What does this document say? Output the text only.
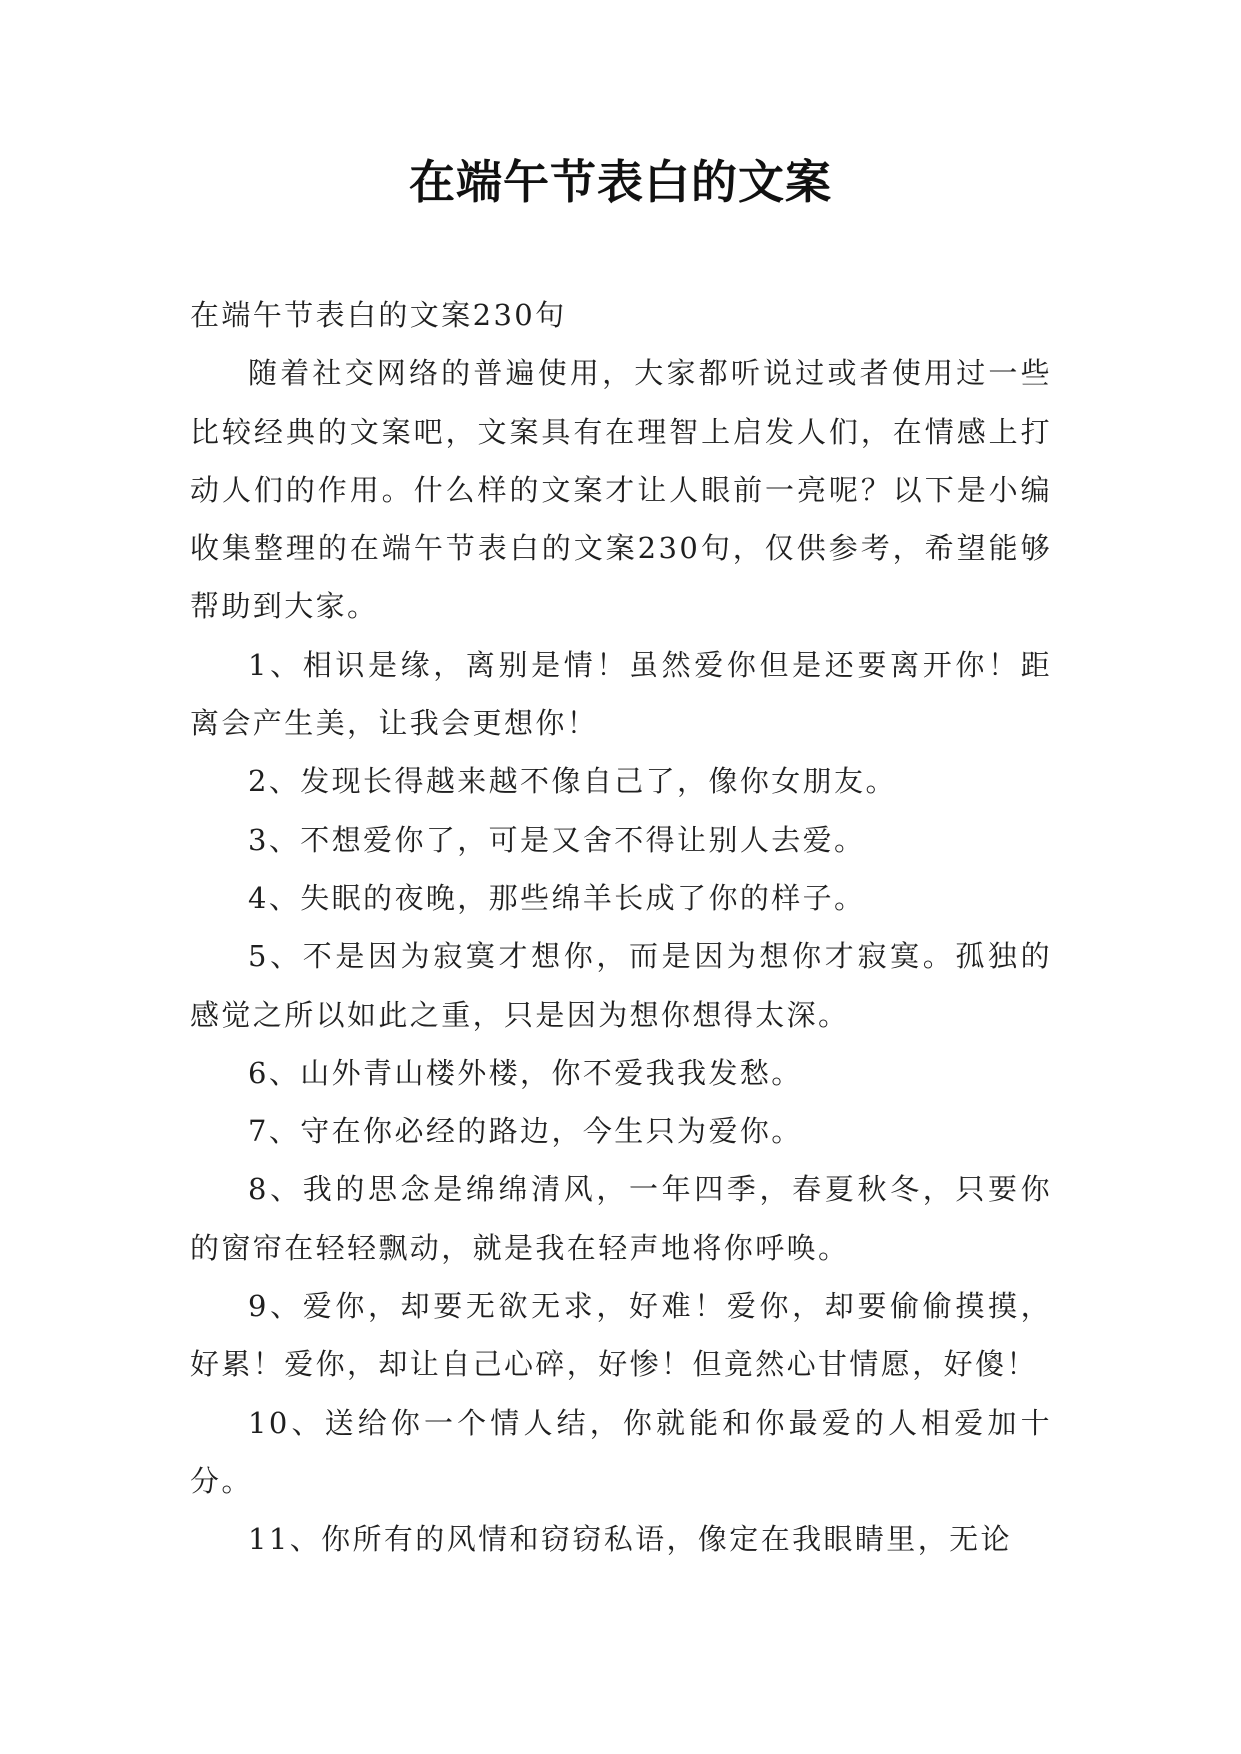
在端午节表白的文案

在端午节表白的文案230句

随着社交网络的普遍使用，大家都听说过或者使用过一些比较经典的文案吧，文案具有在理智上启发人们，在情感上打动人们的作用。什么样的文案才让人眼前一亮呢？以下是小编收集整理的在端午节表白的文案230句，仅供参考，希望能够帮助到大家。

1、相识是缘，离别是情！虽然爱你但是还要离开你！距离会产生美，让我会更想你！

2、发现长得越来越不像自己了，像你女朋友。

3、不想爱你了，可是又舍不得让别人去爱。

4、失眠的夜晚，那些绵羊长成了你的样子。

5、不是因为寂寞才想你，而是因为想你才寂寞。孤独的感觉之所以如此之重，只是因为想你想得太深。

6、山外青山楼外楼，你不爱我我发愁。

7、守在你必经的路边，今生只为爱你。

8、我的思念是绵绵清风，一年四季，春夏秋冬，只要你的窗帘在轻轻飘动，就是我在轻声地将你呼唤。

9、爱你，却要无欲无求，好难！爱你，却要偷偷摸摸，好累！爱你，却让自己心碎，好惨！但竟然心甘情愿，好傻！

10、送给你一个情人结，你就能和你最爱的人相爱加十分。

11、你所有的风情和窃窃私语，像定在我眼睛里，无论
